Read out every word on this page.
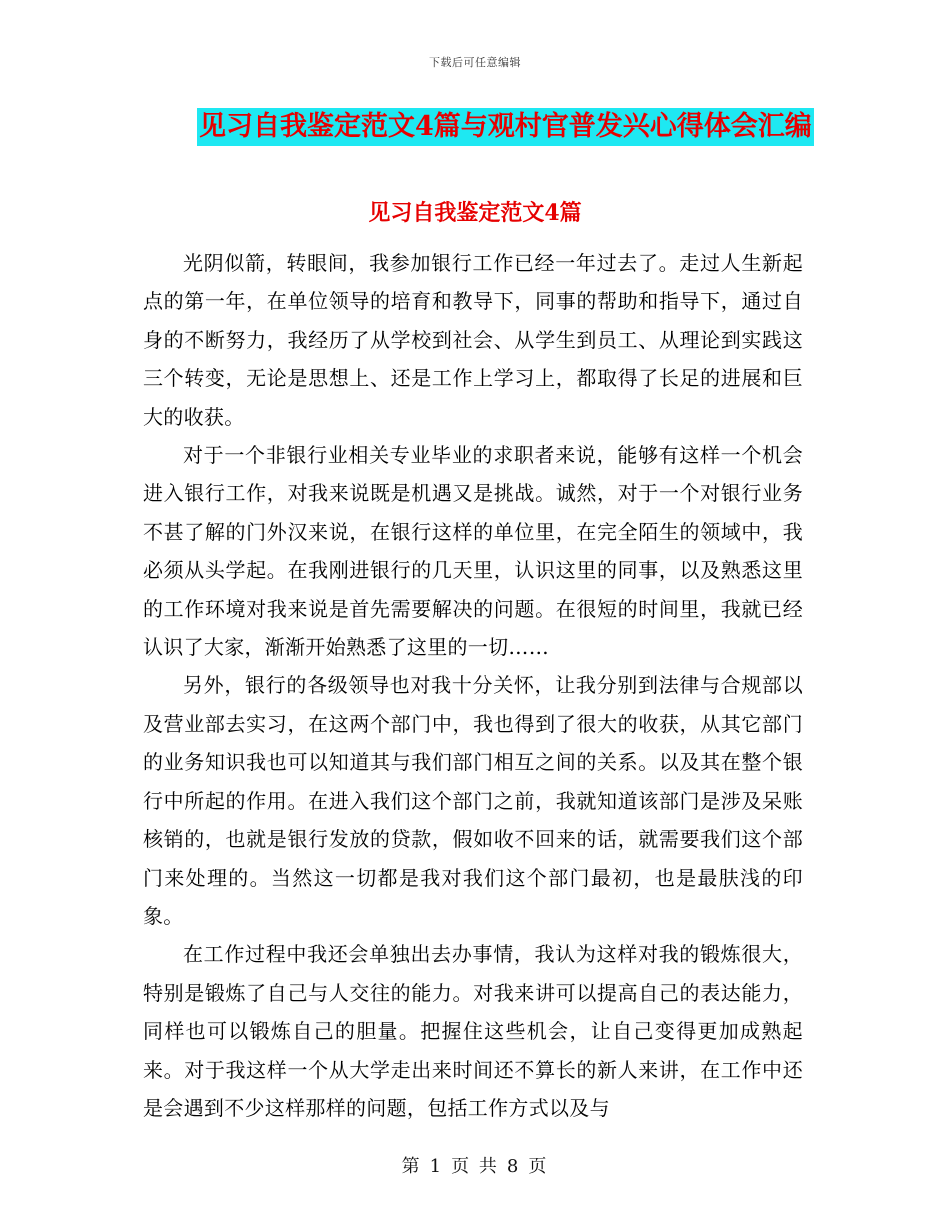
下载后可任意编辑
见习自我鉴定范文4篇与观村官普发兴心得体会汇编
见习自我鉴定范文4篇

光阴似箭，转眼间，我参加银行工作已经一年过去了。走过人生新起点的第一年，在单位领导的培育和教导下，同事的帮助和指导下，通过自身的不断努力，我经历了从学校到社会、从学生到员工、从理论到实践这三个转变，无论是思想上、还是工作上学习上，都取得了长足的进展和巨大的收获。

对于一个非银行业相关专业毕业的求职者来说，能够有这样一个机会进入银行工作，对我来说既是机遇又是挑战。诚然，对于一个对银行业务不甚了解的门外汉来说，在银行这样的单位里，在完全陌生的领域中，我必须从头学起。在我刚进银行的几天里，认识这里的同事，以及熟悉这里的工作环境对我来说是首先需要解决的问题。在很短的时间里，我就已经认识了大家，渐渐开始熟悉了这里的一切……

另外，银行的各级领导也对我十分关怀，让我分别到法律与合规部以及营业部去实习，在这两个部门中，我也得到了很大的收获，从其它部门的业务知识我也可以知道其与我们部门相互之间的关系。以及其在整个银行中所起的作用。在进入我们这个部门之前，我就知道该部门是涉及呆账核销的，也就是银行发放的贷款，假如收不回来的话，就需要我们这个部门来处理的。当然这一切都是我对我们这个部门最初，也是最肤浅的印象。

在工作过程中我还会单独出去办事情，我认为这样对我的锻炼很大，特别是锻炼了自己与人交往的能力。对我来讲可以提高自己的表达能力，同样也可以锻炼自己的胆量。把握住这些机会，让自己变得更加成熟起来。对于我这样一个从大学走出来时间还不算长的新人来讲，在工作中还是会遇到不少这样那样的问题，包括工作方式以及与

第 1 页 共 8 页
